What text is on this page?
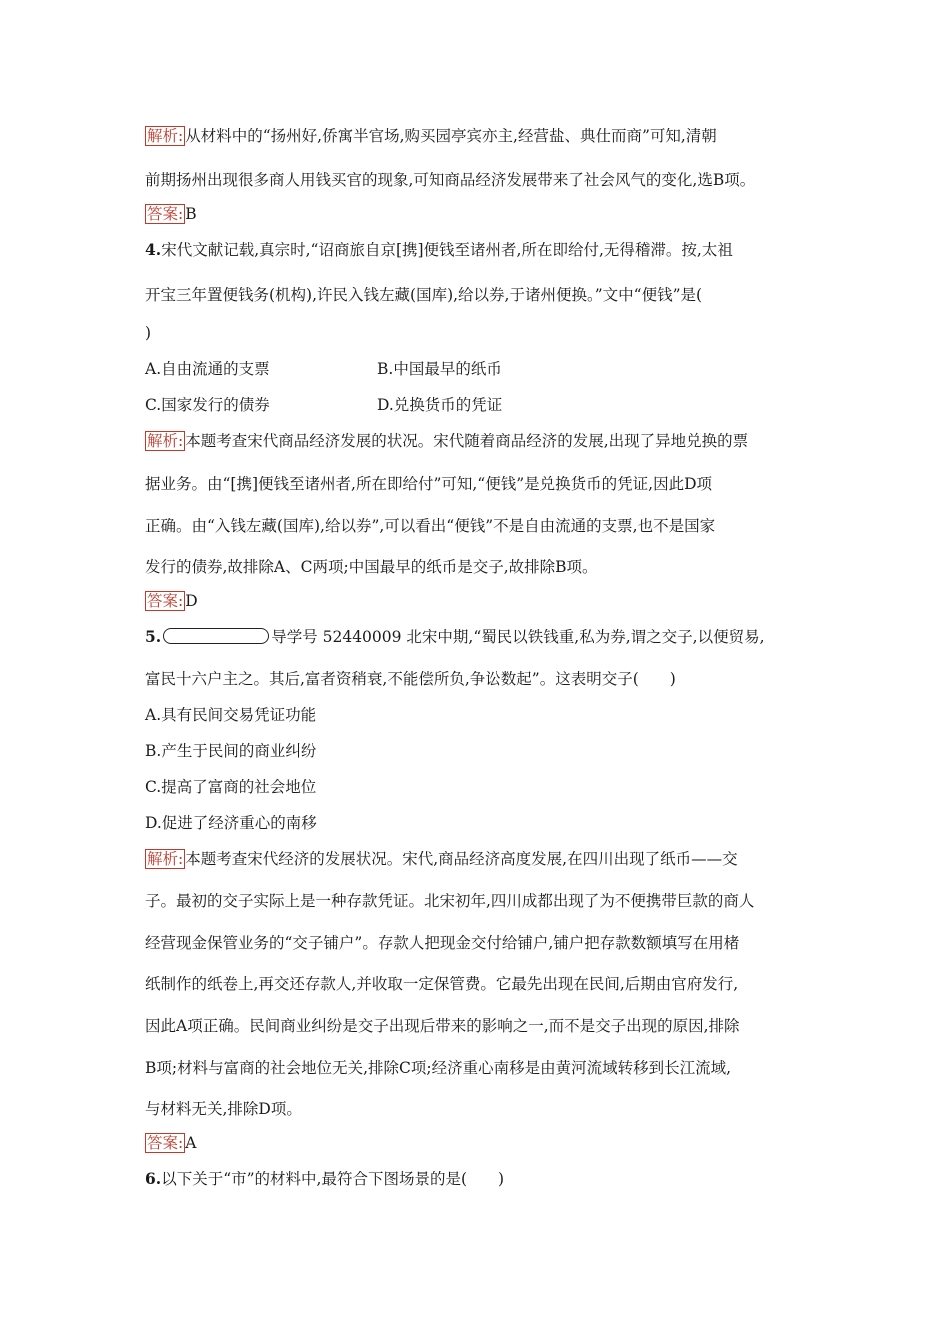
解析: 从材料中的“扬州好,侨寓半官场,购买园亭宾亦主,经营盐、典仕而商”可知,清朝
前期扬州出现很多商人用钱买官的现象,可知商品经济发展带来了社会风气的变化,选B项。
答案: B
4.宋代文献记载,真宗时,“诏商旅自京[携]便钱至诸州者,所在即给付,无得稽滞。按,太祖
开宝三年置便钱务(机构),许民入钱左藏(国库),给以券,于诸州便换。”文中“便钱”是(
)
A.自由流通的支票	B.中国最早的纸币
C.国家发行的债券	D.兑换货币的凭证
解析: 本题考查宋代商品经济发展的状况。宋代随着商品经济的发展,出现了异地兑换的票
据业务。由“[携]便钱至诸州者,所在即给付”可知,“便钱”是兑换货币的凭证,因此D项
正确。由“入钱左藏(国库),给以券”,可以看出“便钱”不是自由流通的支票,也不是国家
发行的债券,故排除A、C两项;中国最早的纸币是交子,故排除B项。
答案: D
5.	导学号 52440009 北宋中期,“蜀民以铁钱重,私为券,谓之交子,以便贸易,
富民十六户主之。其后,富者资稍衰,不能偿所负,争讼数起”。这表明交子(　　)
A.具有民间交易凭证功能
B.产生于民间的商业纠纷
C.提高了富商的社会地位
D.促进了经济重心的南移
解析: 本题考查宋代经济的发展状况。宋代,商品经济高度发展,在四川出现了纸币——交
子。最初的交子实际上是一种存款凭证。北宋初年,四川成都出现了为不便携带巨款的商人
经营现金保管业务的“交子铺户”。存款人把现金交付给铺户,铺户把存款数额填写在用楮
纸制作的纸卷上,再交还存款人,并收取一定保管费。它最先出现在民间,后期由官府发行,
因此A项正确。民间商业纠纷是交子出现后带来的影响之一,而不是交子出现的原因,排除
B项;材料与富商的社会地位无关,排除C项;经济重心南移是由黄河流域转移到长江流域,
与材料无关,排除D项。
答案: A
6.以下关于“市”的材料中,最符合下图场景的是(　　)
